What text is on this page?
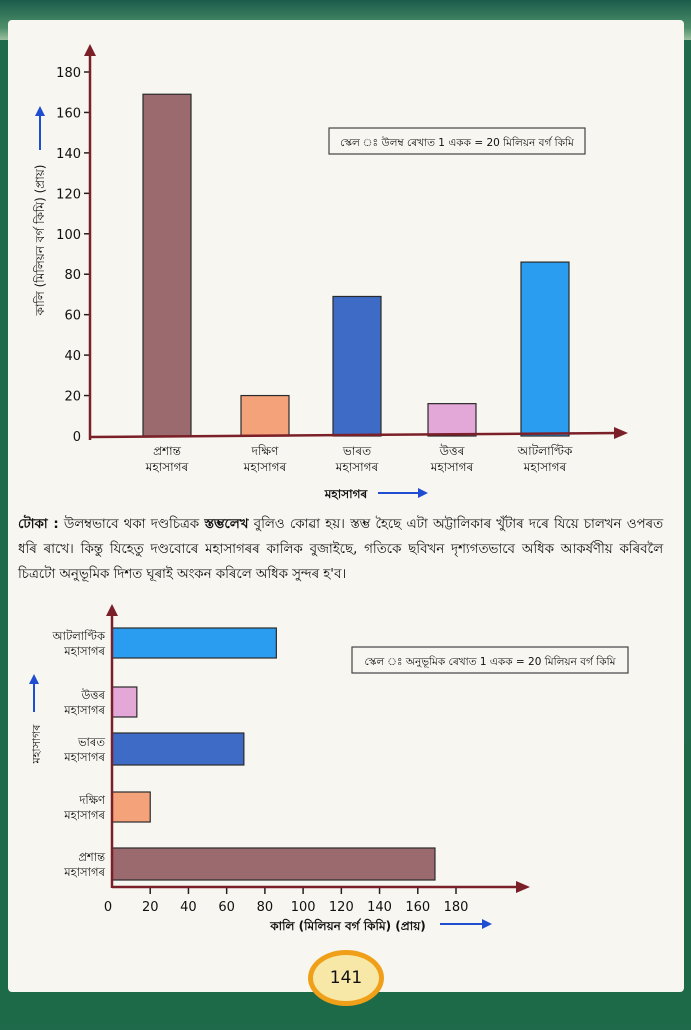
0
20
40
60
80
100
120
140
160
180
প্ৰশান্ত
মহাসাগৰ
দক্ষিণ
মহাসাগৰ
ভাৰত
মহাসাগৰ
উত্তৰ
মহাসাগৰ
আটলাণ্টিক
মহাসাগৰ
কালি (মিলিয়ন বৰ্গ কিমি) (প্ৰায়)
স্কেল ঃ উলম্ব ৰেখাত 1 একক = 20 মিলিয়ন বৰ্গ কিমি
মহাসাগৰ
টোকা : উলম্বভাবে থকা দণ্ডচিত্ৰক স্তম্ভলেখ বুলিও কোৱা হয়। স্তম্ভ হৈছে এটা অট্টালিকাৰ খুঁটাৰ দৰে যিয়ে চালখন ওপৰত ধৰি ৰাখে। কিন্তু যিহেতু দণ্ডবোৰে মহাসাগৰৰ কালিক বুজাইছে, গতিকে ছবিখন দৃশ্যগতভাবে অধিক আকৰ্ষণীয় কৰিবলৈ চিত্ৰটো অনুভূমিক দিশত ঘূৰাই অংকন কৰিলে অধিক সুন্দৰ হ'ব।
0 20 40 60 80 100 120 140 160 180
প্ৰশান্ত
মহাসাগৰ
দক্ষিণ
মহাসাগৰ
ভাৰত
মহাসাগৰ
উত্তৰ
মহাসাগৰ
আটলাণ্টিক
মহাসাগৰ
মহাসাগৰ
স্কেল ঃ অনুভূমিক ৰেখাত 1 একক = 20 মিলিয়ন বৰ্গ কিমি
কালি (মিলিয়ন বৰ্গ কিমি) (প্ৰায়)
141
